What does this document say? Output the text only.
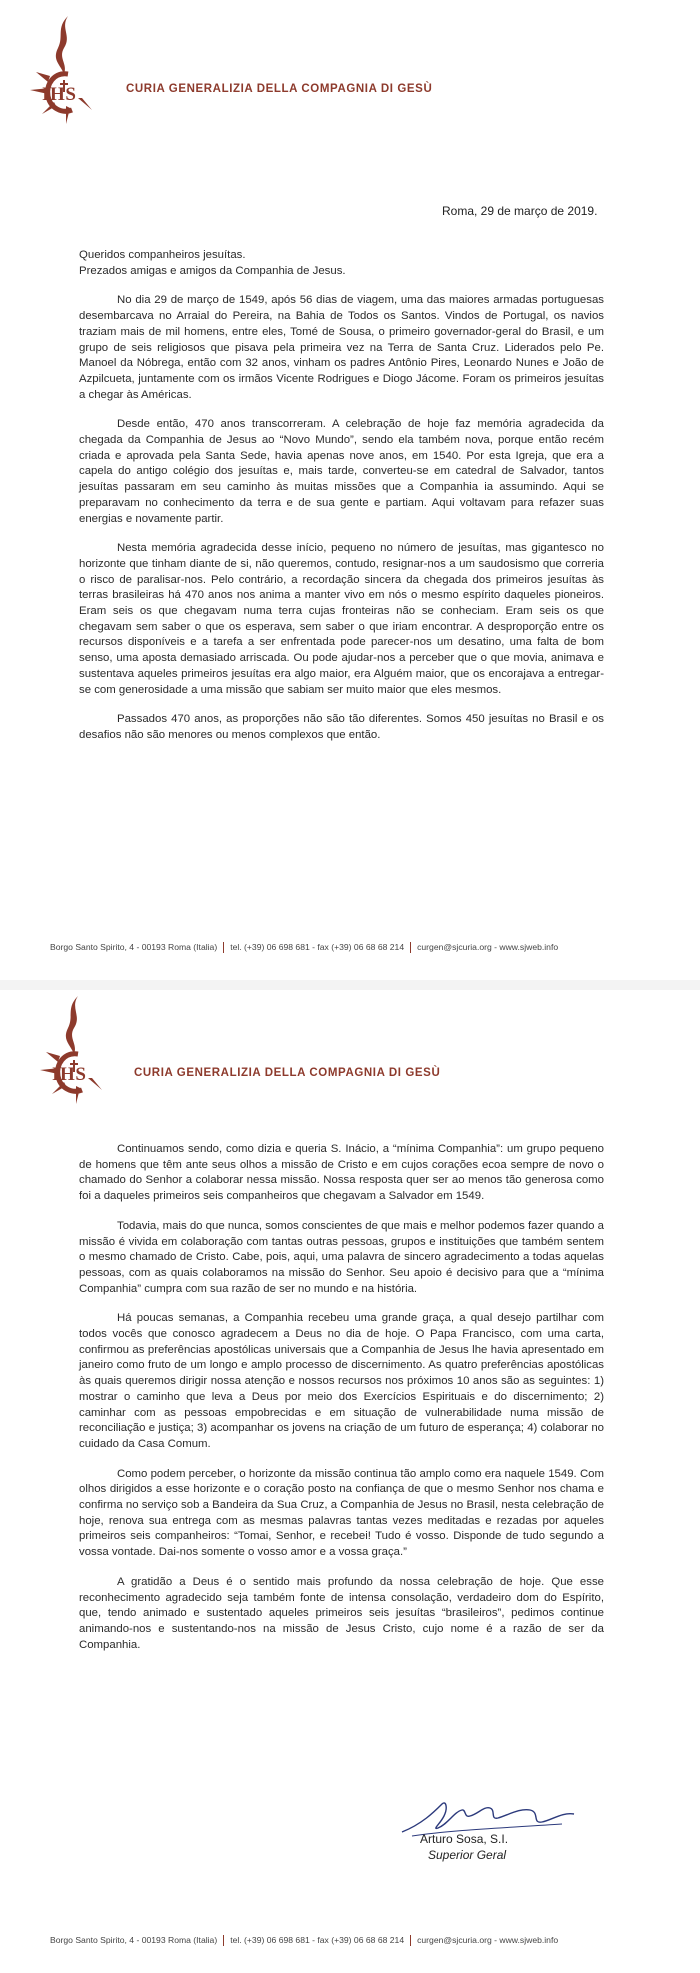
IHS	CURIA GENERALIZIA DELLA COMPAGNIA DI GESÙ
Roma, 29 de março de 2019.

Queridos companheiros jesuítas.

Prezados amigas e amigos da Companhia de Jesus.

No dia 29 de março de 1549, após 56 dias de viagem, uma das maiores armadas portuguesas desembarcava no Arraial do Pereira, na Bahia de Todos os Santos. Vindos de Portugal, os navios traziam mais de mil homens, entre eles, Tomé de Sousa, o primeiro governador-geral do Brasil, e um grupo de seis religiosos que pisava pela primeira vez na Terra de Santa Cruz. Liderados pelo Pe. Manoel da Nóbrega, então com 32 anos, vinham os padres Antônio Pires, Leonardo Nunes e João de Azpilcueta, juntamente com os irmãos Vicente Rodrigues e Diogo Jácome. Foram os primeiros jesuítas a chegar às Américas.

Desde então, 470 anos transcorreram. A celebração de hoje faz memória agradecida da chegada da Companhia de Jesus ao “Novo Mundo”, sendo ela também nova, porque então recém criada e aprovada pela Santa Sede, havia apenas nove anos, em 1540. Por esta Igreja, que era a capela do antigo colégio dos jesuítas e, mais tarde, converteu-se em catedral de Salvador, tantos jesuítas passaram em seu caminho às muitas missões que a Companhia ia assumindo. Aqui se preparavam no conhecimento da terra e de sua gente e partiam. Aqui voltavam para refazer suas energias e novamente partir.

Nesta memória agradecida desse início, pequeno no número de jesuítas, mas gigantesco no horizonte que tinham diante de si, não queremos, contudo, resignar-nos a um saudosismo que correria o risco de paralisar-nos. Pelo contrário, a recordação sincera da chegada dos primeiros jesuítas às terras brasileiras há 470 anos nos anima a manter vivo em nós o mesmo espírito daqueles pioneiros. Eram seis os que chegavam numa terra cujas fronteiras não se conheciam. Eram seis os que chegavam sem saber o que os esperava, sem saber o que iriam encontrar. A desproporção entre os recursos disponíveis e a tarefa a ser enfrentada pode parecer-nos um desatino, uma falta de bom senso, uma aposta demasiado arriscada. Ou pode ajudar-nos a perceber que o que movia, animava e sustentava aqueles primeiros jesuítas era algo maior, era Alguém maior, que os encorajava a entregar-se com generosidade a uma missão que sabiam ser muito maior que eles mesmos.

Passados 470 anos, as proporções não são tão diferentes. Somos 450 jesuítas no Brasil e os desafios não são menores ou menos complexos que então.

Borgo Santo Spirito, 4 - 00193 Roma (Italia) tel. (+39) 06 698 681 - fax (+39) 06 68 68 214 curgen@sjcuria.org - www.sjweb.info
IHS	CURIA GENERALIZIA DELLA COMPAGNIA DI GESÙ

Continuamos sendo, como dizia e queria S. Inácio, a “mínima Companhia”: um grupo pequeno de homens que têm ante seus olhos a missão de Cristo e em cujos corações ecoa sempre de novo o chamado do Senhor a colaborar nessa missão. Nossa resposta quer ser ao menos tão generosa como foi a daqueles primeiros seis companheiros que chegavam a Salvador em 1549.

Todavia, mais do que nunca, somos conscientes de que mais e melhor podemos fazer quando a missão é vivida em colaboração com tantas outras pessoas, grupos e instituições que também sentem o mesmo chamado de Cristo. Cabe, pois, aqui, uma palavra de sincero agradecimento a todas aquelas pessoas, com as quais colaboramos na missão do Senhor. Seu apoio é decisivo para que a “mínima Companhia” cumpra com sua razão de ser no mundo e na história.

Há poucas semanas, a Companhia recebeu uma grande graça, a qual desejo partilhar com todos vocês que conosco agradecem a Deus no dia de hoje. O Papa Francisco, com uma carta, confirmou as preferências apostólicas universais que a Companhia de Jesus lhe havia apresentado em janeiro como fruto de um longo e amplo processo de discernimento. As quatro preferências apostólicas às quais queremos dirigir nossa atenção e nossos recursos nos próximos 10 anos são as seguintes: 1) mostrar o caminho que leva a Deus por meio dos Exercícios Espirituais e do discernimento; 2) caminhar com as pessoas empobrecidas e em situação de vulnerabilidade numa missão de reconciliação e justiça; 3) acompanhar os jovens na criação de um futuro de esperança; 4) colaborar no cuidado da Casa Comum.

Como podem perceber, o horizonte da missão continua tão amplo como era naquele 1549. Com olhos dirigidos a esse horizonte e o coração posto na confiança de que o mesmo Senhor nos chama e confirma no serviço sob a Bandeira da Sua Cruz, a Companhia de Jesus no Brasil, nesta celebração de hoje, renova sua entrega com as mesmas palavras tantas vezes meditadas e rezadas por aqueles primeiros seis companheiros: “Tomai, Senhor, e recebei! Tudo é vosso. Disponde de tudo segundo a vossa vontade. Dai-nos somente o vosso amor e a vossa graça.”

A gratidão a Deus é o sentido mais profundo da nossa celebração de hoje. Que esse reconhecimento agradecido seja também fonte de intensa consolação, verdadeiro dom do Espírito, que, tendo animado e sustentado aqueles primeiros seis jesuítas “brasileiros”, pedimos continue animando-nos e sustentando-nos na missão de Jesus Cristo, cujo nome é a razão de ser da Companhia.

Borgo Santo Spirito, 4 - 00193 Roma (Italia) tel. (+39) 06 698 681 - fax (+39) 06 68 68 214 curgen@sjcuria.org - www.sjweb.info
Arturo Sosa, S.I.
Superior Geral
